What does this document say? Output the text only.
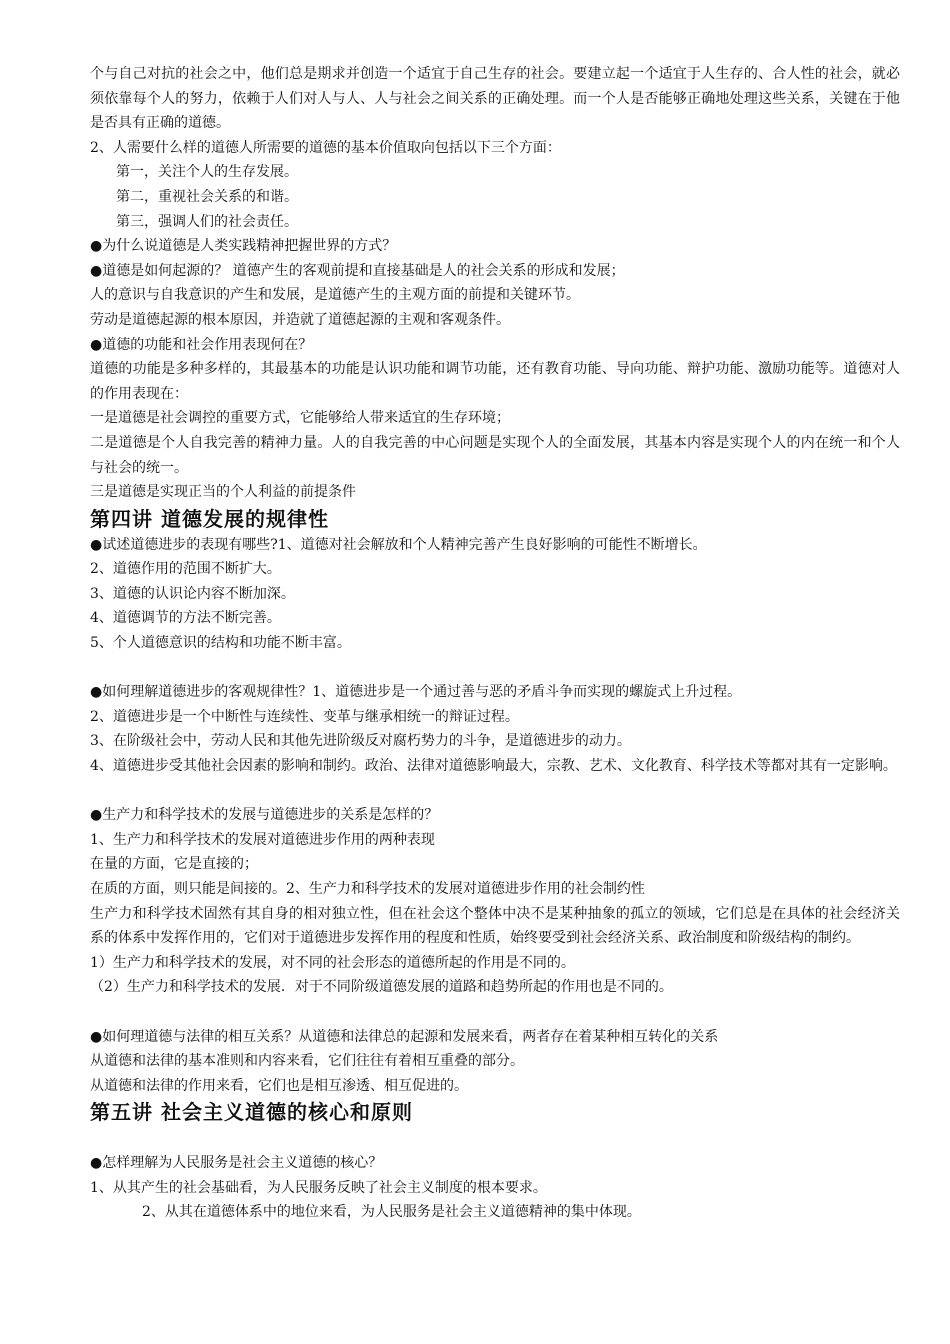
个与自己对抗的社会之中，他们总是期求并创造一个适宜于自己生存的社会。要建立起一个适宜于人生存的、合人性的社会，就必须依靠每个人的努力，依赖于人们对人与人、人与社会之间关系的正确处理。而一个人是否能够正确地处理这些关系，关键在于他是否具有正确的道德。
2、人需要什么样的道德人所需要的道德的基本价值取向包括以下三个方面：
第一，关注个人的生存发展。
第二，重视社会关系的和谐。
第三，强调人们的社会责任。
●为什么说道德是人类实践精神把握世界的方式？
●道德是如何起源的？ 道德产生的客观前提和直接基础是人的社会关系的形成和发展；
人的意识与自我意识的产生和发展，是道德产生的主观方面的前提和关键环节。
劳动是道德起源的根本原因，并造就了道德起源的主观和客观条件。
●道德的功能和社会作用表现何在？
道德的功能是多种多样的，其最基本的功能是认识功能和调节功能，还有教育功能、导向功能、辩护功能、激励功能等。道德对人的作用表现在：
一是道德是社会调控的重要方式，它能够给人带来适宜的生存环境；
二是道德是个人自我完善的精神力量。人的自我完善的中心问题是实现个人的全面发展，其基本内容是实现个人的内在统一和个人与社会的统一。
三是道德是实现正当的个人利益的前提条件
第四讲 道德发展的规律性
●试述道德进步的表现有哪些?1、道德对社会解放和个人精神完善产生良好影响的可能性不断增长。
2、道德作用的范围不断扩大。
3、道德的认识论内容不断加深。
4、道德调节的方法不断完善。
5、个人道德意识的结构和功能不断丰富。
●如何理解道德进步的客观规律性？1、道德进步是一个通过善与恶的矛盾斗争而实现的螺旋式上升过程。
2、道德进步是一个中断性与连续性、变革与继承相统一的辩证过程。
3、在阶级社会中，劳动人民和其他先进阶级反对腐朽势力的斗争，是道德进步的动力。
4、道德进步受其他社会因素的影响和制约。政治、法律对道德影响最大，宗教、艺术、文化教育、科学技术等都对其有一定影响。
●生产力和科学技术的发展与道德进步的关系是怎样的？
1、生产力和科学技术的发展对道德进步作用的两种表现
在量的方面，它是直接的；
在质的方面，则只能是间接的。2、生产力和科学技术的发展对道德进步作用的社会制约性
生产力和科学技术固然有其自身的相对独立性，但在社会这个整体中决不是某种抽象的孤立的领域，它们总是在具体的社会经济关系的体系中发挥作用的，它们对于道德进步发挥作用的程度和性质，始终要受到社会经济关系、政治制度和阶级结构的制约。
1）生产力和科学技术的发展，对不同的社会形态的道德所起的作用是不同的。
（2）生产力和科学技术的发展．对于不同阶级道德发展的道路和趋势所起的作用也是不同的。
●如何理道德与法律的相互关系？从道德和法律总的起源和发展来看，两者存在着某种相互转化的关系
从道德和法律的基本准则和内容来看，它们往往有着相互重叠的部分。
从道德和法律的作用来看，它们也是相互渗透、相互促进的。
第五讲 社会主义道德的核心和原则
●怎样理解为人民服务是社会主义道德的核心？
1、从其产生的社会基础看，为人民服务反映了社会主义制度的根本要求。
2、从其在道德体系中的地位来看，为人民服务是社会主义道德精神的集中体现。
